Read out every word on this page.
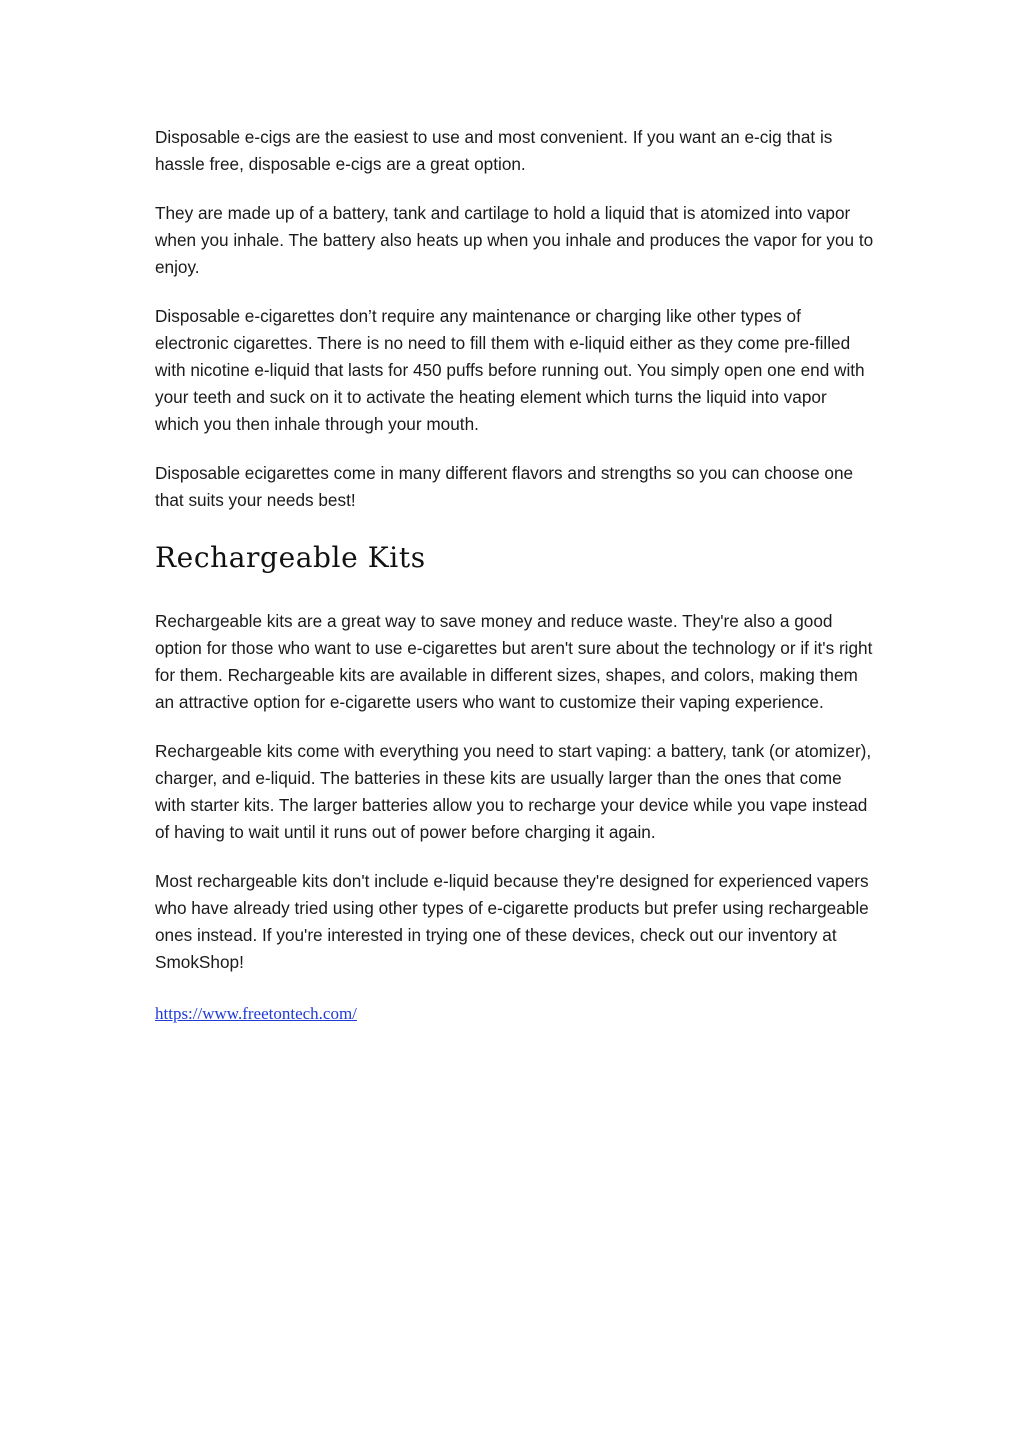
Disposable e-cigs are the easiest to use and most convenient. If you want an e-cig that is hassle free, disposable e-cigs are a great option.

They are made up of a battery, tank and cartilage to hold a liquid that is atomized into vapor when you inhale. The battery also heats up when you inhale and produces the vapor for you to enjoy.

Disposable e-cigarettes don’t require any maintenance or charging like other types of electronic cigarettes. There is no need to fill them with e-liquid either as they come pre-filled with nicotine e-liquid that lasts for 450 puffs before running out. You simply open one end with your teeth and suck on it to activate the heating element which turns the liquid into vapor which you then inhale through your mouth.

Disposable ecigarettes come in many different flavors and strengths so you can choose one that suits your needs best!

Rechargeable Kits

Rechargeable kits are a great way to save money and reduce waste. They're also a good option for those who want to use e-cigarettes but aren't sure about the technology or if it's right for them. Rechargeable kits are available in different sizes, shapes, and colors, making them an attractive option for e-cigarette users who want to customize their vaping experience.

Rechargeable kits come with everything you need to start vaping: a battery, tank (or atomizer), charger, and e-liquid. The batteries in these kits are usually larger than the ones that come with starter kits. The larger batteries allow you to recharge your device while you vape instead of having to wait until it runs out of power before charging it again.

Most rechargeable kits don't include e-liquid because they're designed for experienced vapers who have already tried using other types of e-cigarette products but prefer using rechargeable ones instead. If you're interested in trying one of these devices, check out our inventory at SmokShop!

https://www.freetontech.com/
